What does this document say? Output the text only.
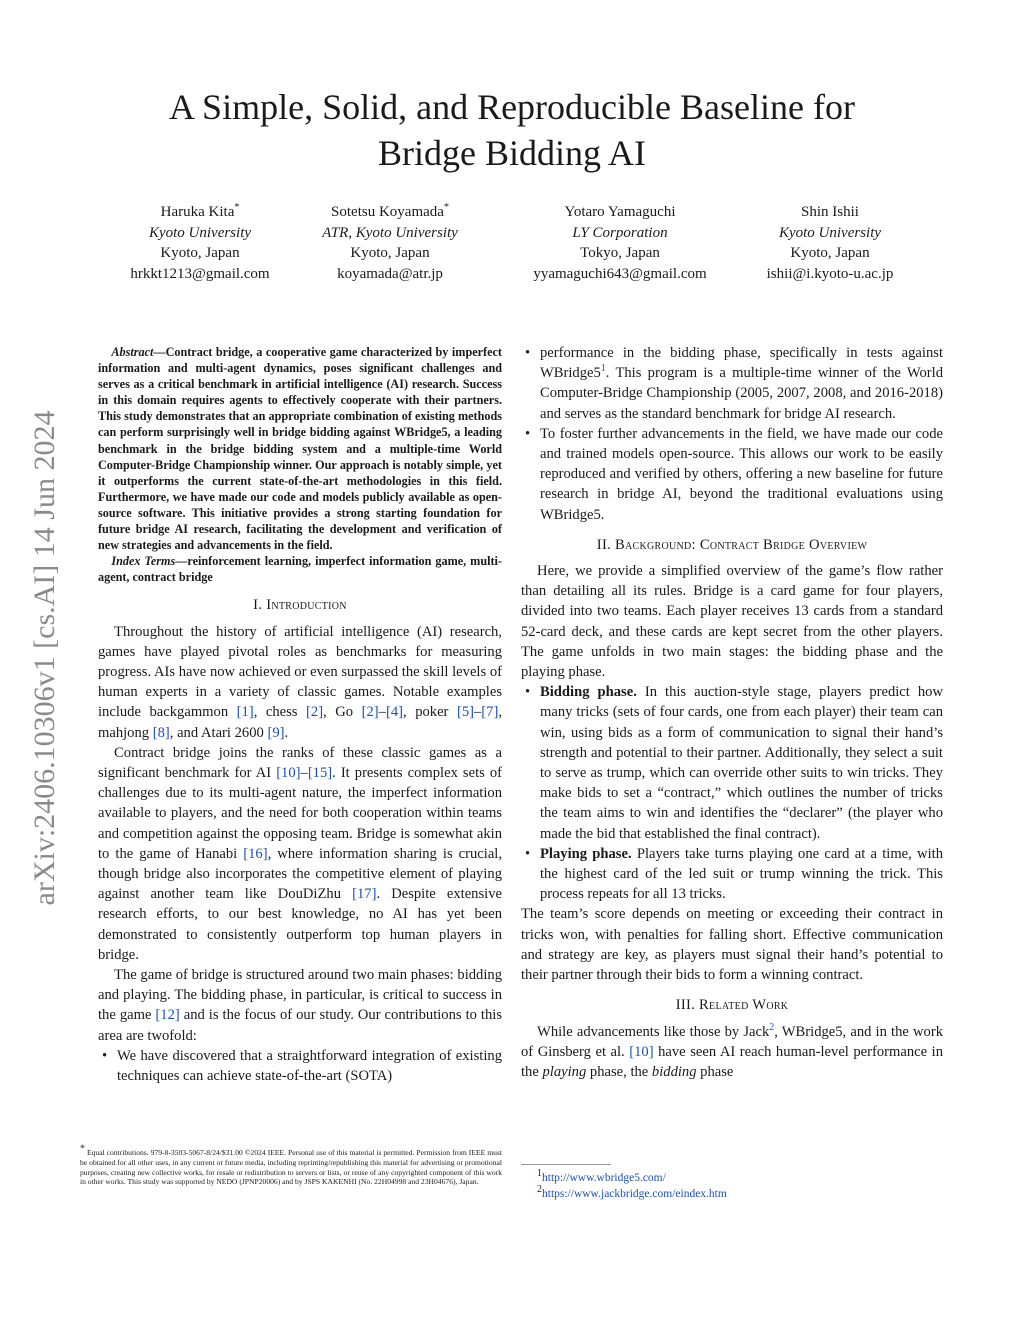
arXiv:2406.10306v1 [cs.AI] 14 Jun 2024
A Simple, Solid, and Reproducible Baseline for
Bridge Bidding AI
Haruka Kita*
Kyoto University
Kyoto, Japan
hrkkt1213@gmail.com
Sotetsu Koyamada*
ATR, Kyoto University
Kyoto, Japan
koyamada@atr.jp
Yotaro Yamaguchi
LY Corporation
Tokyo, Japan
yyamaguchi643@gmail.com
Shin Ishii
Kyoto University
Kyoto, Japan
ishii@i.kyoto-u.ac.jp

Abstract—Contract bridge, a cooperative game characterized by imperfect information and multi-agent dynamics, poses significant challenges and serves as a critical benchmark in artificial intelligence (AI) research. Success in this domain requires agents to effectively cooperate with their partners. This study demonstrates that an appropriate combination of existing methods can perform surprisingly well in bridge bidding against WBridge5, a leading benchmark in the bridge bidding system and a multiple-time World Computer-Bridge Championship winner. Our approach is notably simple, yet it outperforms the current state-of-the-art methodologies in this field. Furthermore, we have made our code and models publicly available as open-source software. This initiative provides a strong starting foundation for future bridge AI research, facilitating the development and verification of new strategies and advancements in the field.

Index Terms—reinforcement learning, imperfect information game, multi-agent, contract bridge

I. Introduction

Throughout the history of artificial intelligence (AI) research, games have played pivotal roles as benchmarks for measuring progress. AIs have now achieved or even surpassed the skill levels of human experts in a variety of classic games. Notable examples include backgammon [1], chess [2], Go [2]–[4], poker [5]–[7], mahjong [8], and Atari 2600 [9].

Contract bridge joins the ranks of these classic games as a significant benchmark for AI [10]–[15]. It presents complex sets of challenges due to its multi-agent nature, the imperfect information available to players, and the need for both cooperation within teams and competition against the opposing team. Bridge is somewhat akin to the game of Hanabi [16], where information sharing is crucial, though bridge also incorporates the competitive element of playing against another team like DouDiZhu [17]. Despite extensive research efforts, to our best knowledge, no AI has yet been demonstrated to consistently outperform top human players in bridge.

The game of bridge is structured around two main phases: bidding and playing. The bidding phase, in particular, is critical to success in the game [12] and is the focus of our study. Our contributions to this area are twofold:

• We have discovered that a straightforward integration of existing techniques can achieve state-of-the-art (SOTA)
* Equal contributions. 979-8-3503-5067-8/24/$31.00 ©2024 IEEE. Personal use of this material is permitted. Permission from IEEE must be obtained for all other uses, in any current or future media, including reprinting/republishing this material for advertising or promotional purposes, creating new collective works, for resale or redistribution to servers or lists, or reuse of any copyrighted component of this work in other works. This study was supported by NEDO (JPNP20006) and by JSPS KAKENHI (No. 22H04998 and 23H04676), Japan.
• performance in the bidding phase, specifically in tests against WBridge5$^1$. This program is a multiple-time winner of the World Computer-Bridge Championship (2005, 2007, 2008, and 2016-2018) and serves as the standard benchmark for bridge AI research.
• To foster further advancements in the field, we have made our code and trained models open-source. This allows our work to be easily reproduced and verified by others, offering a new baseline for future research in bridge AI, beyond the traditional evaluations using WBridge5.
II. Background: Contract Bridge Overview

Here, we provide a simplified overview of the game’s flow rather than detailing all its rules. Bridge is a card game for four players, divided into two teams. Each player receives 13 cards from a standard 52-card deck, and these cards are kept secret from the other players. The game unfolds in two main stages: the bidding phase and the playing phase.

• Bidding phase. In this auction-style stage, players predict how many tricks (sets of four cards, one from each player) their team can win, using bids as a form of communication to signal their hand’s strength and potential to their partner. Additionally, they select a suit to serve as trump, which can override other suits to win tricks. They make bids to set a “contract,” which outlines the number of tricks the team aims to win and identifies the “declarer” (the player who made the bid that established the final contract).
• Playing phase. Players take turns playing one card at a time, with the highest card of the led suit or trump winning the trick. This process repeats for all 13 tricks.

The team’s score depends on meeting or exceeding their contract in tricks won, with penalties for falling short. Effective communication and strategy are key, as players must signal their hand’s potential to their partner through their bids to form a winning contract.

III. Related Work

While advancements like those by Jack$^2$, WBridge5, and in the work of Ginsberg et al. [10] have seen AI reach human-level performance in the playing phase, the bidding phase

$^1$http://www.wbridge5.com/
$^2$https://www.jackbridge.com/eindex.htm
